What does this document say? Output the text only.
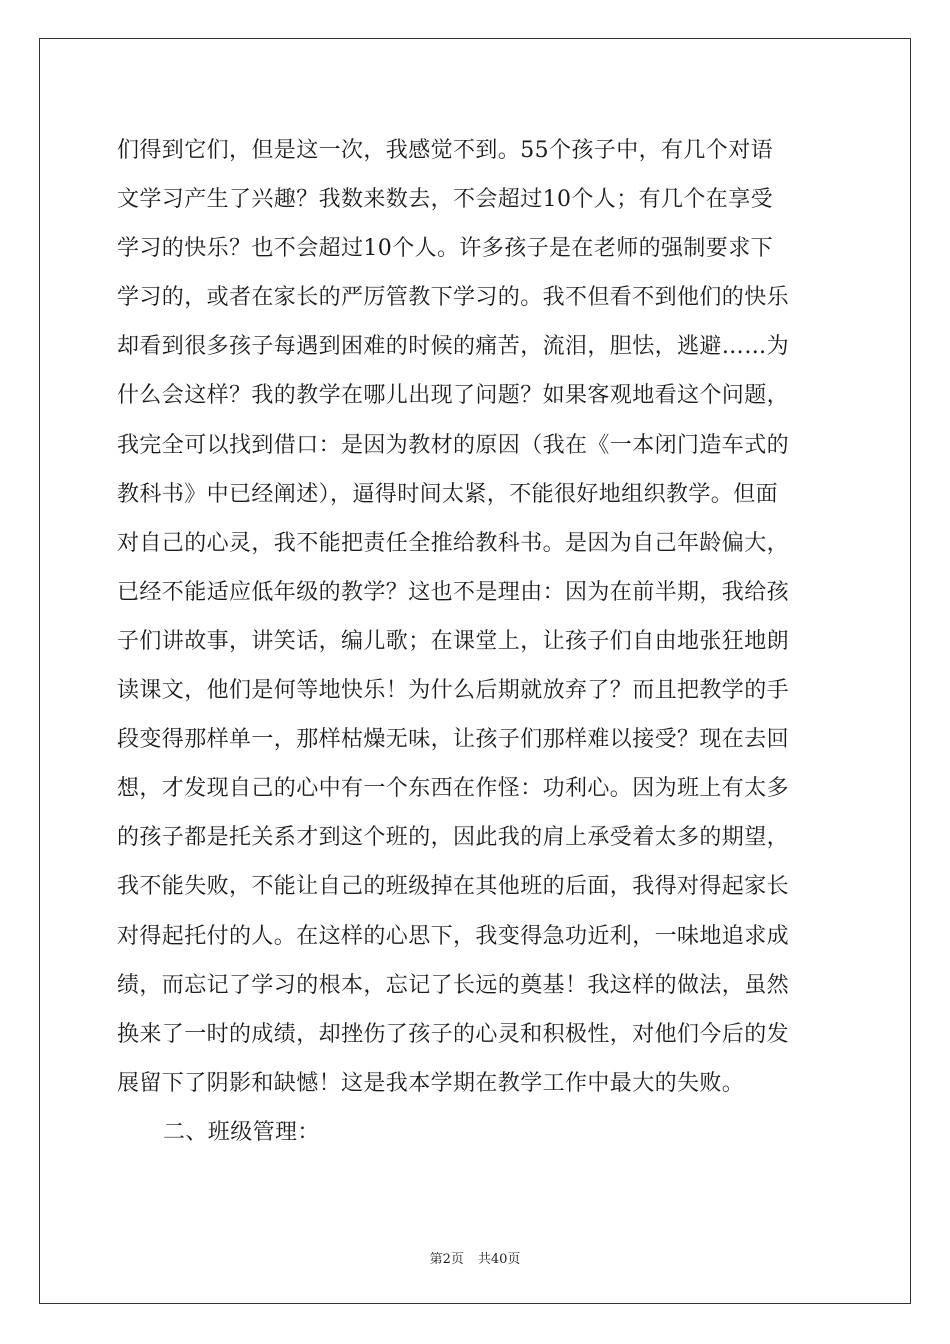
们得到它们，但是这一次，我感觉不到。55个孩子中，有几个对语
文学习产生了兴趣？我数来数去，不会超过10个人；有几个在享受
学习的快乐？也不会超过10个人。许多孩子是在老师的强制要求下
学习的，或者在家长的严厉管教下学习的。我不但看不到他们的快乐
却看到很多孩子每遇到困难的时候的痛苦，流泪，胆怯，逃避……为
什么会这样？我的教学在哪儿出现了问题？如果客观地看这个问题，
我完全可以找到借口：是因为教材的原因（我在《一本闭门造车式的
教科书》中已经阐述），逼得时间太紧，不能很好地组织教学。但面
对自己的心灵，我不能把责任全推给教科书。是因为自己年龄偏大，
已经不能适应低年级的教学？这也不是理由：因为在前半期，我给孩
子们讲故事，讲笑话，编儿歌；在课堂上，让孩子们自由地张狂地朗
读课文，他们是何等地快乐！为什么后期就放弃了？而且把教学的手
段变得那样单一，那样枯燥无味，让孩子们那样难以接受？现在去回
想，才发现自己的心中有一个东西在作怪：功利心。因为班上有太多
的孩子都是托关系才到这个班的，因此我的肩上承受着太多的期望，
我不能失败，不能让自己的班级掉在其他班的后面，我得对得起家长
对得起托付的人。在这样的心思下，我变得急功近利，一味地追求成
绩，而忘记了学习的根本，忘记了长远的奠基！我这样的做法，虽然
换来了一时的成绩，却挫伤了孩子的心灵和积极性，对他们今后的发
展留下了阴影和缺憾！这是我本学期在教学工作中最大的失败。
二、班级管理：
第2页 共40页
